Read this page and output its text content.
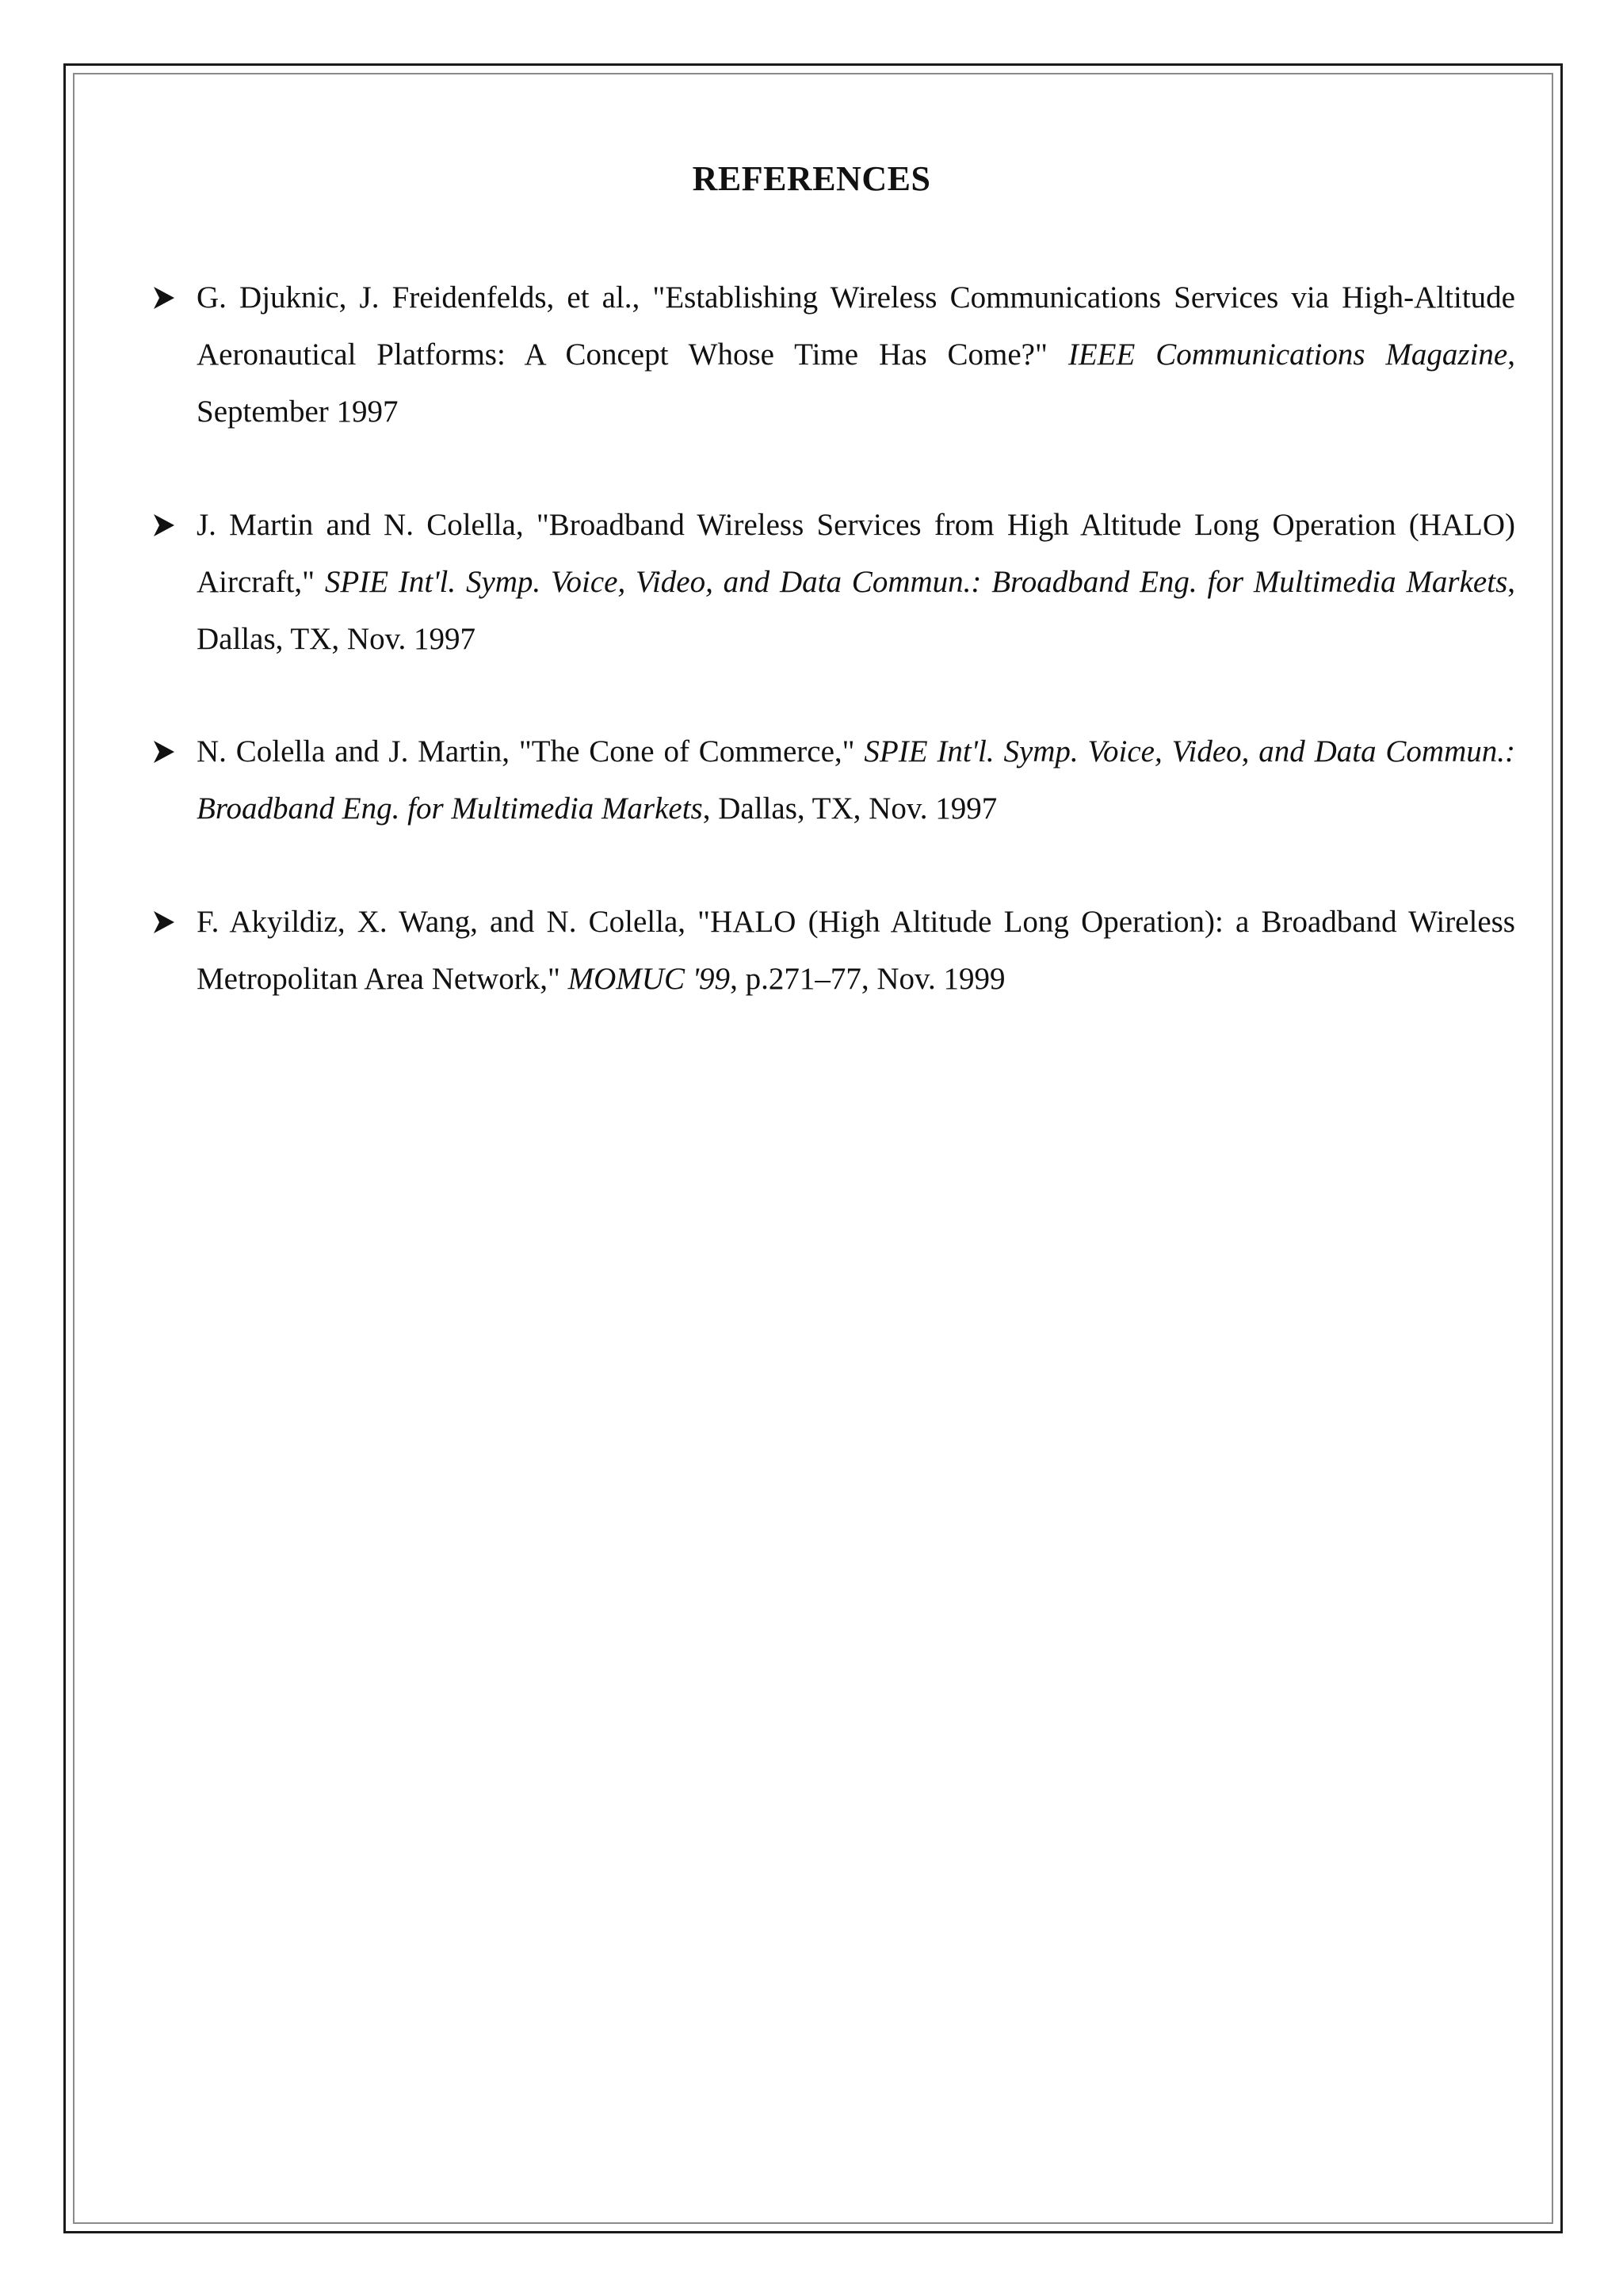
REFERENCES
G. Djuknic, J. Freidenfelds, et al., "Establishing Wireless Communications Services via High-Altitude Aeronautical Platforms: A Concept Whose Time Has Come?" IEEE Communications Magazine, September 1997
J. Martin and N. Colella, "Broadband Wireless Services from High Altitude Long Operation (HALO) Aircraft," SPIE Int'l. Symp. Voice, Video, and Data Commun.: Broadband Eng. for Multimedia Markets, Dallas, TX, Nov. 1997
N. Colella and J. Martin, "The Cone of Commerce," SPIE Int'l. Symp. Voice, Video, and Data Commun.: Broadband Eng. for Multimedia Markets, Dallas, TX, Nov. 1997
F. Akyildiz, X. Wang, and N. Colella, "HALO (High Altitude Long Operation): a Broadband Wireless Metropolitan Area Network," MOMUC '99, p.271–77, Nov. 1999
